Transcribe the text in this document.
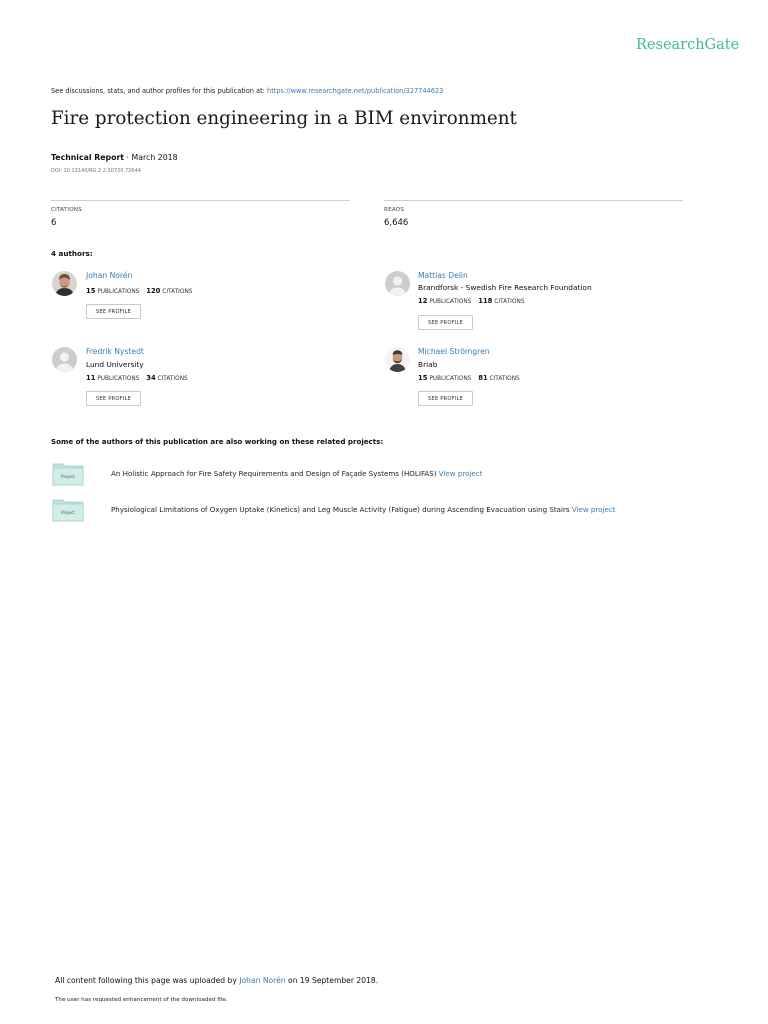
ResearchGate
See discussions, stats, and author profiles for this publication at: https://www.researchgate.net/publication/327744623
Fire protection engineering in a BIM environment
Technical Report · March 2018
DOI: 10.13140/RG.2.2.30720.72644
CITATIONS
6
READS
6,646
4 authors:
Johan Norén
15 PUBLICATIONS 120 CITATIONS
SEE PROFILE
Mattias Delin
Brandforsk - Swedish Fire Research Foundation
12 PUBLICATIONS 118 CITATIONS
SEE PROFILE
Fredrik Nystedt
Lund University
11 PUBLICATIONS 34 CITATIONS
SEE PROFILE
Michael Strömgren
Briab
15 PUBLICATIONS 81 CITATIONS
SEE PROFILE
Some of the authors of this publication are also working on these related projects:
Project	An Holistic Approach for Fire Safety Requirements and Design of Façade Systems (HOLIFAS) View project
Project	Physiological Limitations of Oxygen Uptake (Kinetics) and Leg Muscle Activity (Fatigue) during Ascending Evacuation using Stairs View project
All content following this page was uploaded by Johan Norén on 19 September 2018.
The user has requested enhancement of the downloaded file.
